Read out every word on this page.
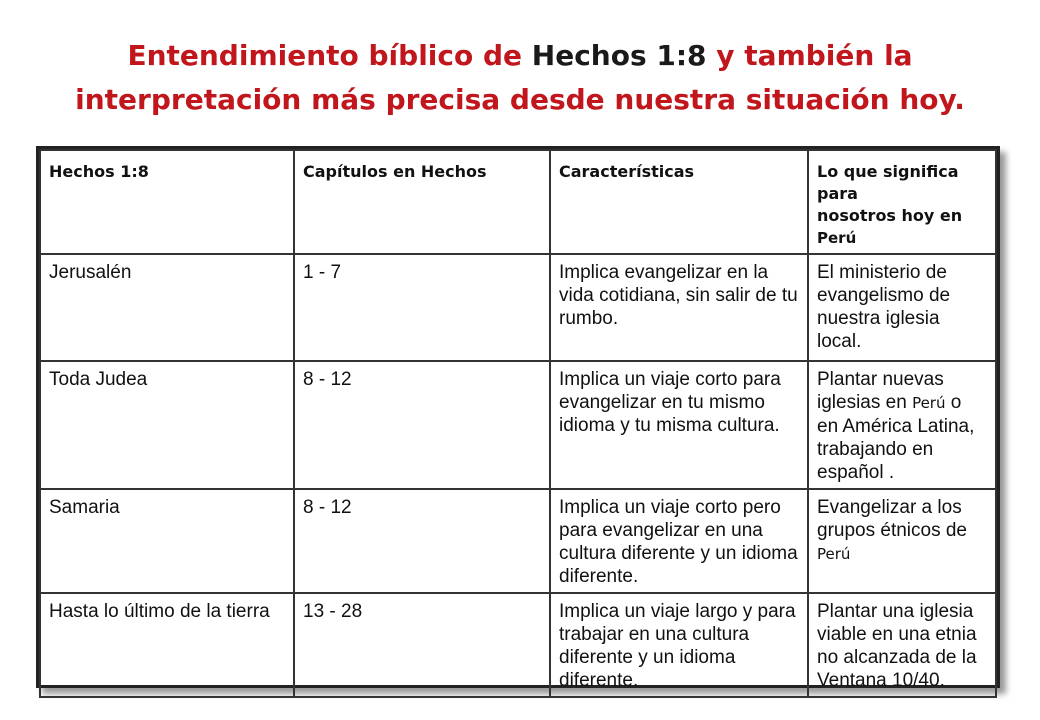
Entendimiento bíblico de Hechos 1:8 y también la
interpretación más precisa desde nuestra situación hoy.
Hechos 1:8	Capítulos en Hechos	Características	Lo que significa para
nosotros hoy en Perú
Jerusalén	1 - 7	Implica evangelizar en la vida cotidiana, sin salir de tu rumbo.	El ministerio de evangelismo de nuestra iglesia local.
Toda Judea	8 - 12	Implica un viaje corto para evangelizar en tu mismo idioma y tu misma cultura.	Plantar nuevas iglesias en Perú o en América Latina, trabajando en español .
Samaria	8 - 12	Implica un viaje corto pero para evangelizar en una cultura diferente y un idioma diferente.	Evangelizar a los grupos étnicos de Perú
Hasta lo último de la tierra	13 - 28	Implica un viaje largo y para trabajar en una cultura diferente y un idioma diferente.	Plantar una iglesia viable en una etnia no alcanzada de la Ventana 10/40.
